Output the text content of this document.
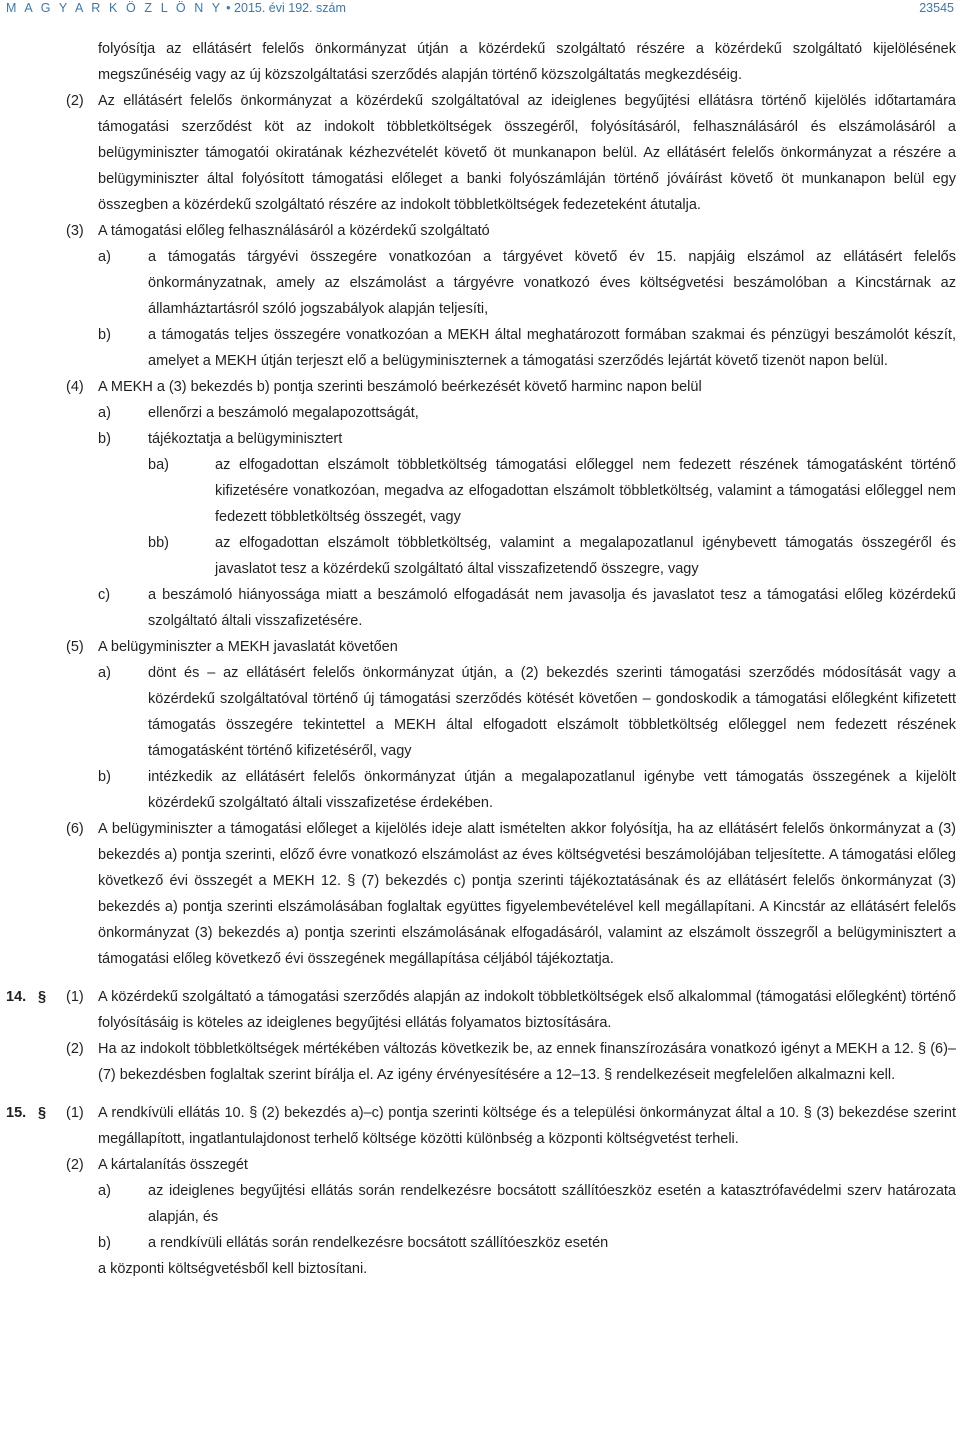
M A G Y A R K Ö Z L Ö N Y • 2015. évi 192. szám	23545

folyósítja az ellátásért felelős önkormányzat útján a közérdekű szolgáltató részére a közérdekű szolgáltató kijelölésének megszűnéséig vagy az új közszolgáltatási szerződés alapján történő közszolgáltatás megkezdéséig.

(2) Az ellátásért felelős önkormányzat a közérdekű szolgáltatóval az ideiglenes begyűjtési ellátásra történő kijelölés időtartamára támogatási szerződést köt az indokolt többletköltségek összegéről, folyósításáról, felhasználásáról és elszámolásáról a belügyminiszter támogatói okiratának kézhezvételét követő öt munkanapon belül. Az ellátásért felelős önkormányzat a részére a belügyminiszter által folyósított támogatási előleget a banki folyószámláján történő jóváírást követő öt munkanapon belül egy összegben a közérdekű szolgáltató részére az indokolt többletköltségek fedezeteként átutalja.
(3) A támogatási előleg felhasználásáról a közérdekű szolgáltató
a)	a támogatás tárgyévi összegére vonatkozóan a tárgyévet követő év 15. napjáig elszámol az ellátásért felelős önkormányzatnak, amely az elszámolást a tárgyévre vonatkozó éves költségvetési beszámolóban a Kincstárnak az államháztartásról szóló jogszabályok alapján teljesíti,
b)	a támogatás teljes összegére vonatkozóan a MEKH által meghatározott formában szakmai és pénzügyi beszámolót készít, amelyet a MEKH útján terjeszt elő a belügyminiszternek a támogatási szerződés lejártát követő tizenöt napon belül.
(4) A MEKH a (3) bekezdés b) pontja szerinti beszámoló beérkezését követő harminc napon belül
a)	ellenőrzi a beszámoló megalapozottságát,
b)	tájékoztatja a belügyminisztert
ba)	az elfogadottan elszámolt többletköltség támogatási előleggel nem fedezett részének támogatásként történő kifizetésére vonatkozóan, megadva az elfogadottan elszámolt többletköltség, valamint a támogatási előleggel nem fedezett többletköltség összegét, vagy
bb)	az elfogadottan elszámolt többletköltség, valamint a megalapozatlanul igénybevett támogatás összegéről és javaslatot tesz a közérdekű szolgáltató által visszafizetendő összegre, vagy
c)	a beszámoló hiányossága miatt a beszámoló elfogadását nem javasolja és javaslatot tesz a támogatási előleg közérdekű szolgáltató általi visszafizetésére.
(5) A belügyminiszter a MEKH javaslatát követően
a)	dönt és – az ellátásért felelős önkormányzat útján, a (2) bekezdés szerinti támogatási szerződés módosítását vagy a közérdekű szolgáltatóval történő új támogatási szerződés kötését követően – gondoskodik a támogatási előlegként kifizetett támogatás összegére tekintettel a MEKH által elfogadott elszámolt többletköltség előleggel nem fedezett részének támogatásként történő kifizetéséről, vagy
b)	intézkedik az ellátásért felelős önkormányzat útján a megalapozatlanul igénybe vett támogatás összegének a kijelölt közérdekű szolgáltató általi visszafizetése érdekében.
(6) A belügyminiszter a támogatási előleget a kijelölés ideje alatt ismételten akkor folyósítja, ha az ellátásért felelős önkormányzat a (3) bekezdés a) pontja szerinti, előző évre vonatkozó elszámolást az éves költségvetési beszámolójában teljesítette. A támogatási előleg következő évi összegét a MEKH 12. § (7) bekezdés c) pontja szerinti tájékoztatásának és az ellátásért felelős önkormányzat (3) bekezdés a) pontja szerinti elszámolásában foglaltak együttes figyelembevételével kell megállapítani. A Kincstár az ellátásért felelős önkormányzat (3) bekezdés a) pontja szerinti elszámolásának elfogadásáról, valamint az elszámolt összegről a belügyminisztert a támogatási előleg következő évi összegének megállapítása céljából tájékoztatja.
14. §	(1) A közérdekű szolgáltató a támogatási szerződés alapján az indokolt többletköltségek első alkalommal (támogatási előlegként) történő folyósításáig is köteles az ideiglenes begyűjtési ellátás folyamatos biztosítására.
(2) Ha az indokolt többletköltségek mértékében változás következik be, az ennek finanszírozására vonatkozó igényt a MEKH a 12. § (6)–(7) bekezdésben foglaltak szerint bírálja el. Az igény érvényesítésére a 12–13. § rendelkezéseit megfelelően alkalmazni kell.
15. §	(1) A rendkívüli ellátás 10. § (2) bekezdés a)–c) pontja szerinti költsége és a települési önkormányzat által a 10. § (3) bekezdése szerint megállapított, ingatlantulajdonost terhelő költsége közötti különbség a központi költségvetést terheli.
(2) A kártalanítás összegét
a)	az ideiglenes begyűjtési ellátás során rendelkezésre bocsátott szállítóeszköz esetén a katasztrófavédelmi szerv határozata alapján, és
b)	a rendkívüli ellátás során rendelkezésre bocsátott szállítóeszköz esetén

a központi költségvetésből kell biztosítani.
